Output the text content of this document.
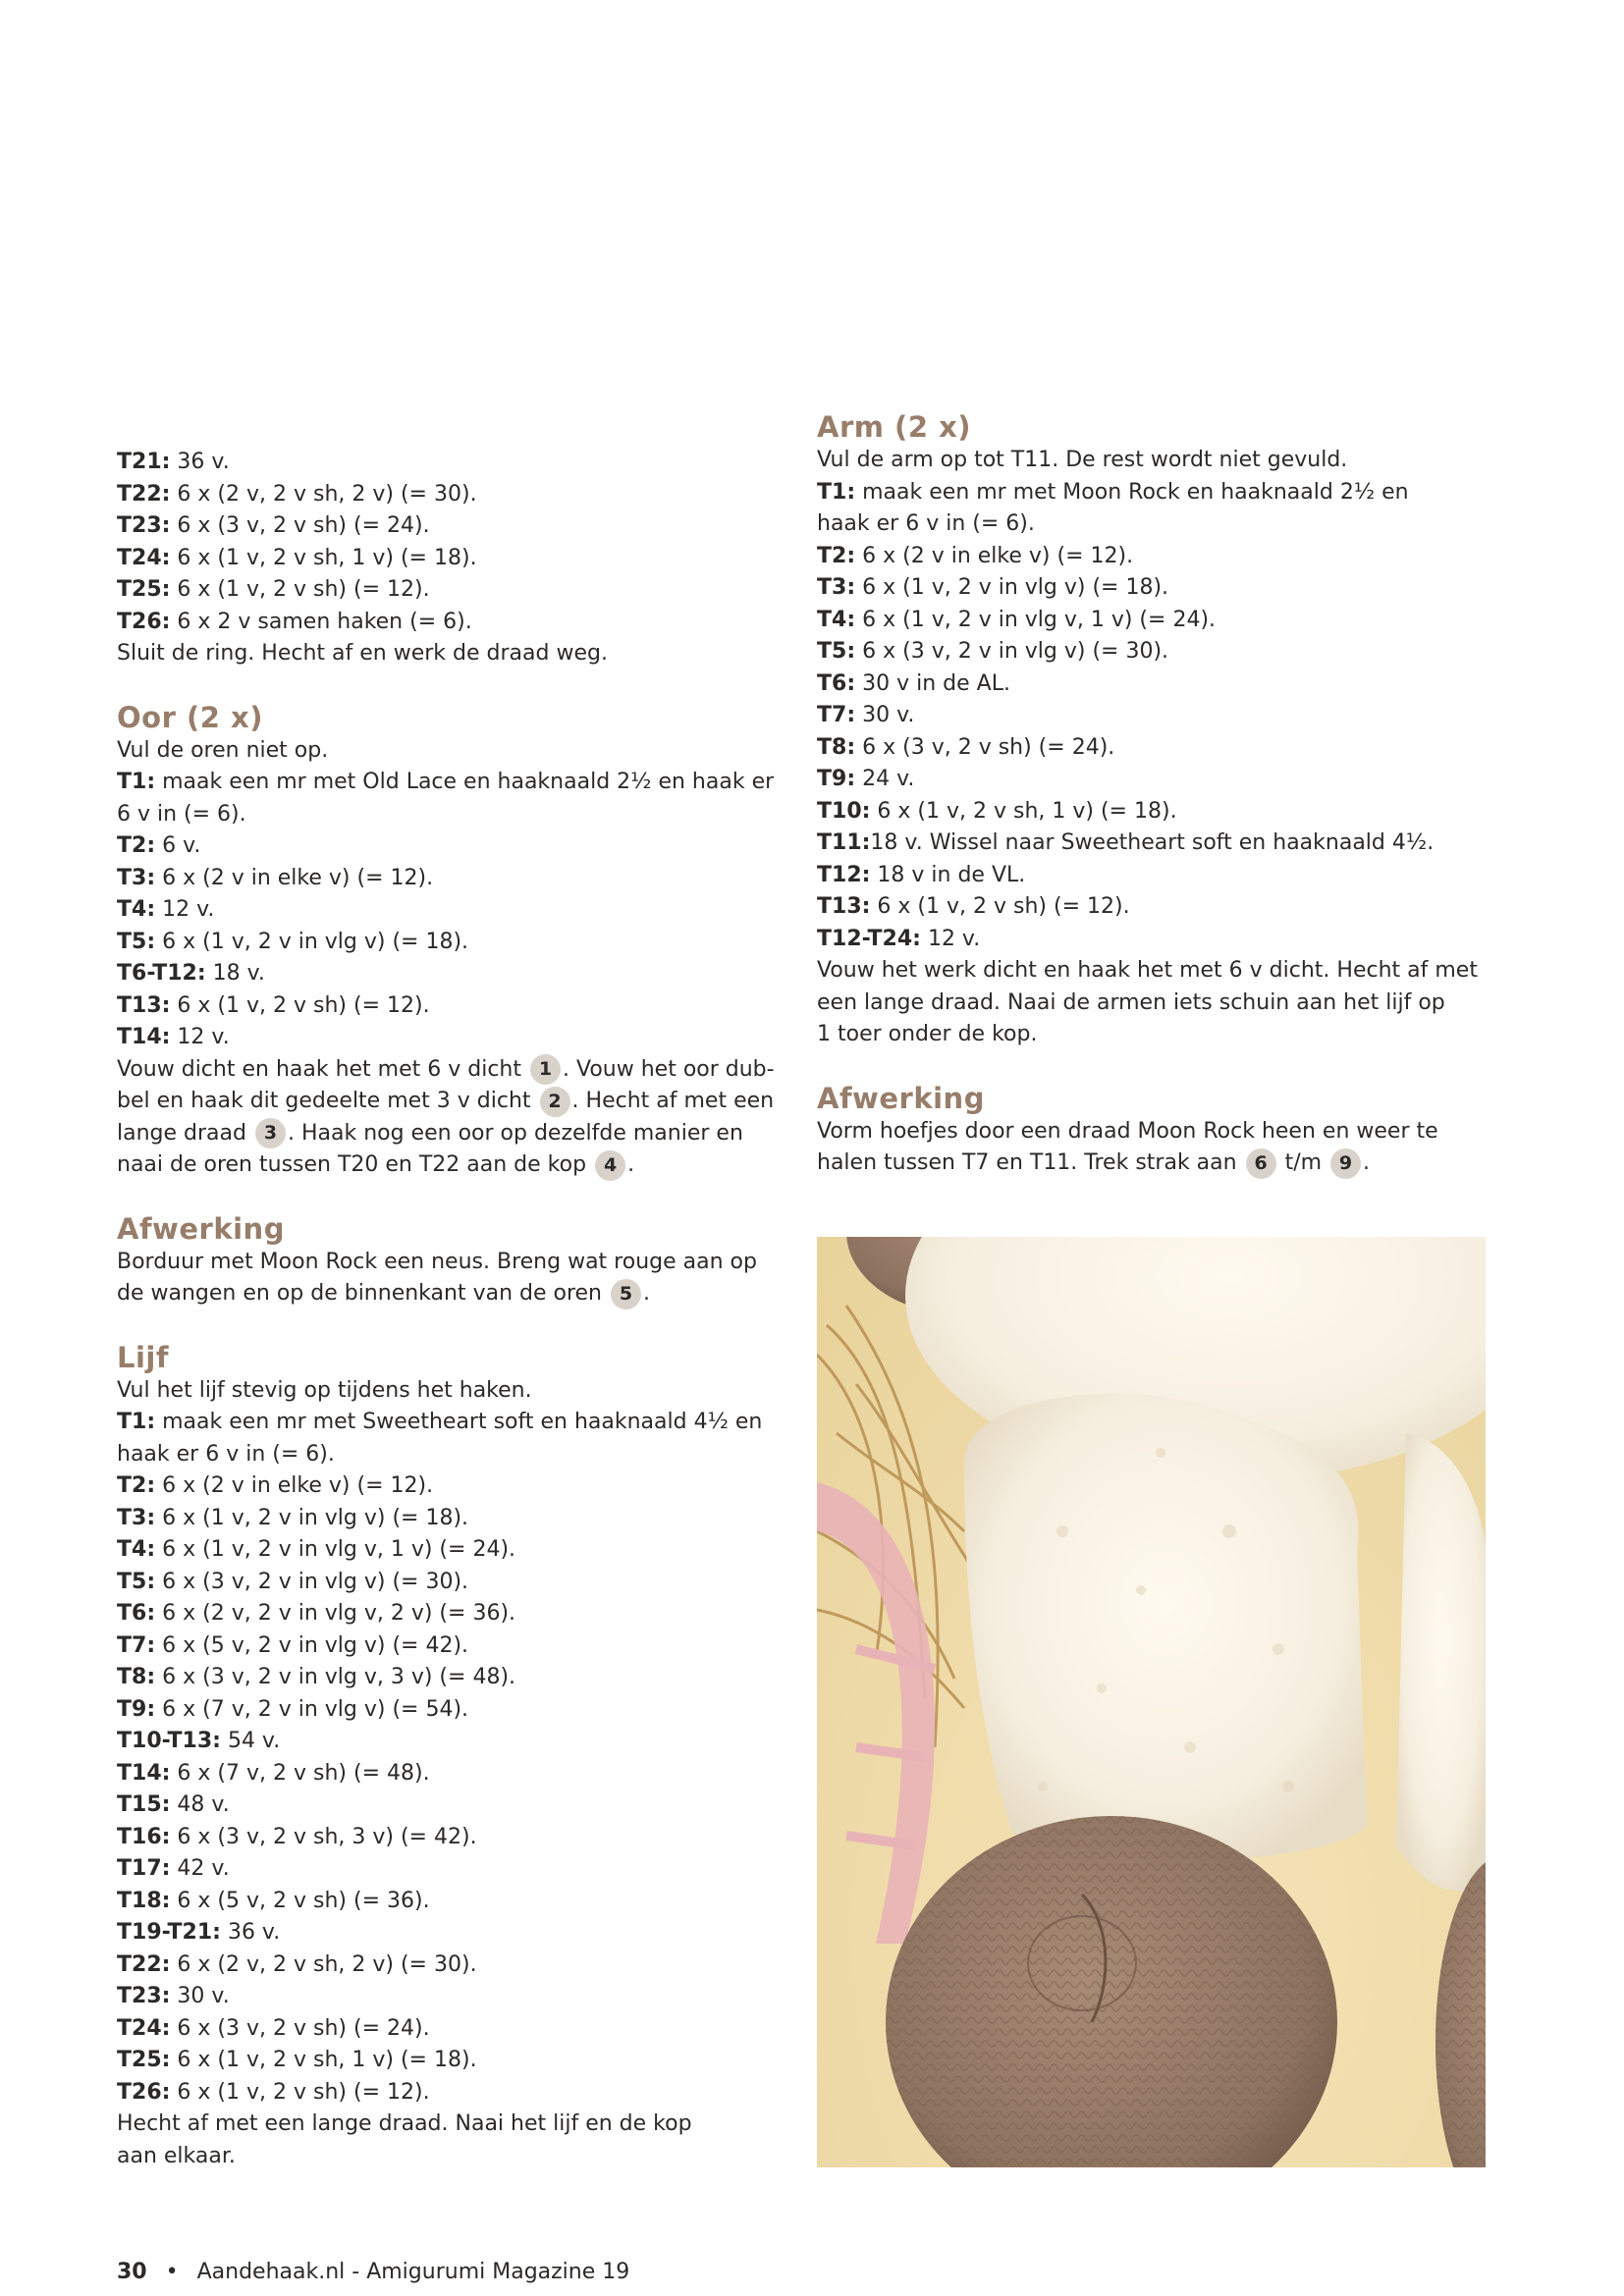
T21: 36 v.
T22: 6 x (2 v, 2 v sh, 2 v) (= 30).
T23: 6 x (3 v, 2 v sh) (= 24).
T24: 6 x (1 v, 2 v sh, 1 v) (= 18).
T25: 6 x (1 v, 2 v sh) (= 12).
T26: 6 x 2 v samen haken (= 6).
Sluit de ring. Hecht af en werk de draad weg.
Oor (2 x)
Vul de oren niet op.
T1: maak een mr met Old Lace en haaknaald 2½ en haak er
6 v in (= 6).
T2: 6 v.
T3: 6 x (2 v in elke v) (= 12).
T4: 12 v.
T5: 6 x (1 v, 2 v in vlg v) (= 18).
T6-T12: 18 v.
T13: 6 x (1 v, 2 v sh) (= 12).
T14: 12 v.
Vouw dicht en haak het met 6 v dicht 1 . Vouw het oor dub-
bel en haak dit gedeelte met 3 v dicht 2 . Hecht af met een
lange draad 3 . Haak nog een oor op dezelfde manier en
naai de oren tussen T20 en T22 aan de kop 4 .
Afwerking
Borduur met Moon Rock een neus. Breng wat rouge aan op
de wangen en op de binnenkant van de oren 5 .
Lijf
Vul het lijf stevig op tijdens het haken.
T1: maak een mr met Sweetheart soft en haaknaald 4½ en
haak er 6 v in (= 6).
T2: 6 x (2 v in elke v) (= 12).
T3: 6 x (1 v, 2 v in vlg v) (= 18).
T4: 6 x (1 v, 2 v in vlg v, 1 v) (= 24).
T5: 6 x (3 v, 2 v in vlg v) (= 30).
T6: 6 x (2 v, 2 v in vlg v, 2 v) (= 36).
T7: 6 x (5 v, 2 v in vlg v) (= 42).
T8: 6 x (3 v, 2 v in vlg v, 3 v) (= 48).
T9: 6 x (7 v, 2 v in vlg v) (= 54).
T10-T13: 54 v.
T14: 6 x (7 v, 2 v sh) (= 48).
T15: 48 v.
T16: 6 x (3 v, 2 v sh, 3 v) (= 42).
T17: 42 v.
T18: 6 x (5 v, 2 v sh) (= 36).
T19-T21: 36 v.
T22: 6 x (2 v, 2 v sh, 2 v) (= 30).
T23: 30 v.
T24: 6 x (3 v, 2 v sh) (= 24).
T25: 6 x (1 v, 2 v sh, 1 v) (= 18).
T26: 6 x (1 v, 2 v sh) (= 12).
Hecht af met een lange draad. Naai het lijf en de kop
aan elkaar.
Arm (2 x)
Vul de arm op tot T11. De rest wordt niet gevuld.
T1: maak een mr met Moon Rock en haaknaald 2½ en
haak er 6 v in (= 6).
T2: 6 x (2 v in elke v) (= 12).
T3: 6 x (1 v, 2 v in vlg v) (= 18).
T4: 6 x (1 v, 2 v in vlg v, 1 v) (= 24).
T5: 6 x (3 v, 2 v in vlg v) (= 30).
T6: 30 v in de AL.
T7: 30 v.
T8: 6 x (3 v, 2 v sh) (= 24).
T9: 24 v.
T10: 6 x (1 v, 2 v sh, 1 v) (= 18).
T11:18 v. Wissel naar Sweetheart soft en haaknaald 4½.
T12: 18 v in de VL.
T13: 6 x (1 v, 2 v sh) (= 12).
T12-T24: 12 v.
Vouw het werk dicht en haak het met 6 v dicht. Hecht af met
een lange draad. Naai de armen iets schuin aan het lijf op
1 toer onder de kop.
Afwerking
Vorm hoefjes door een draad Moon Rock heen en weer te
halen tussen T7 en T11. Trek strak aan 6 t/m 9 .
30 • Aandehaak.nl - Amigurumi Magazine 19
